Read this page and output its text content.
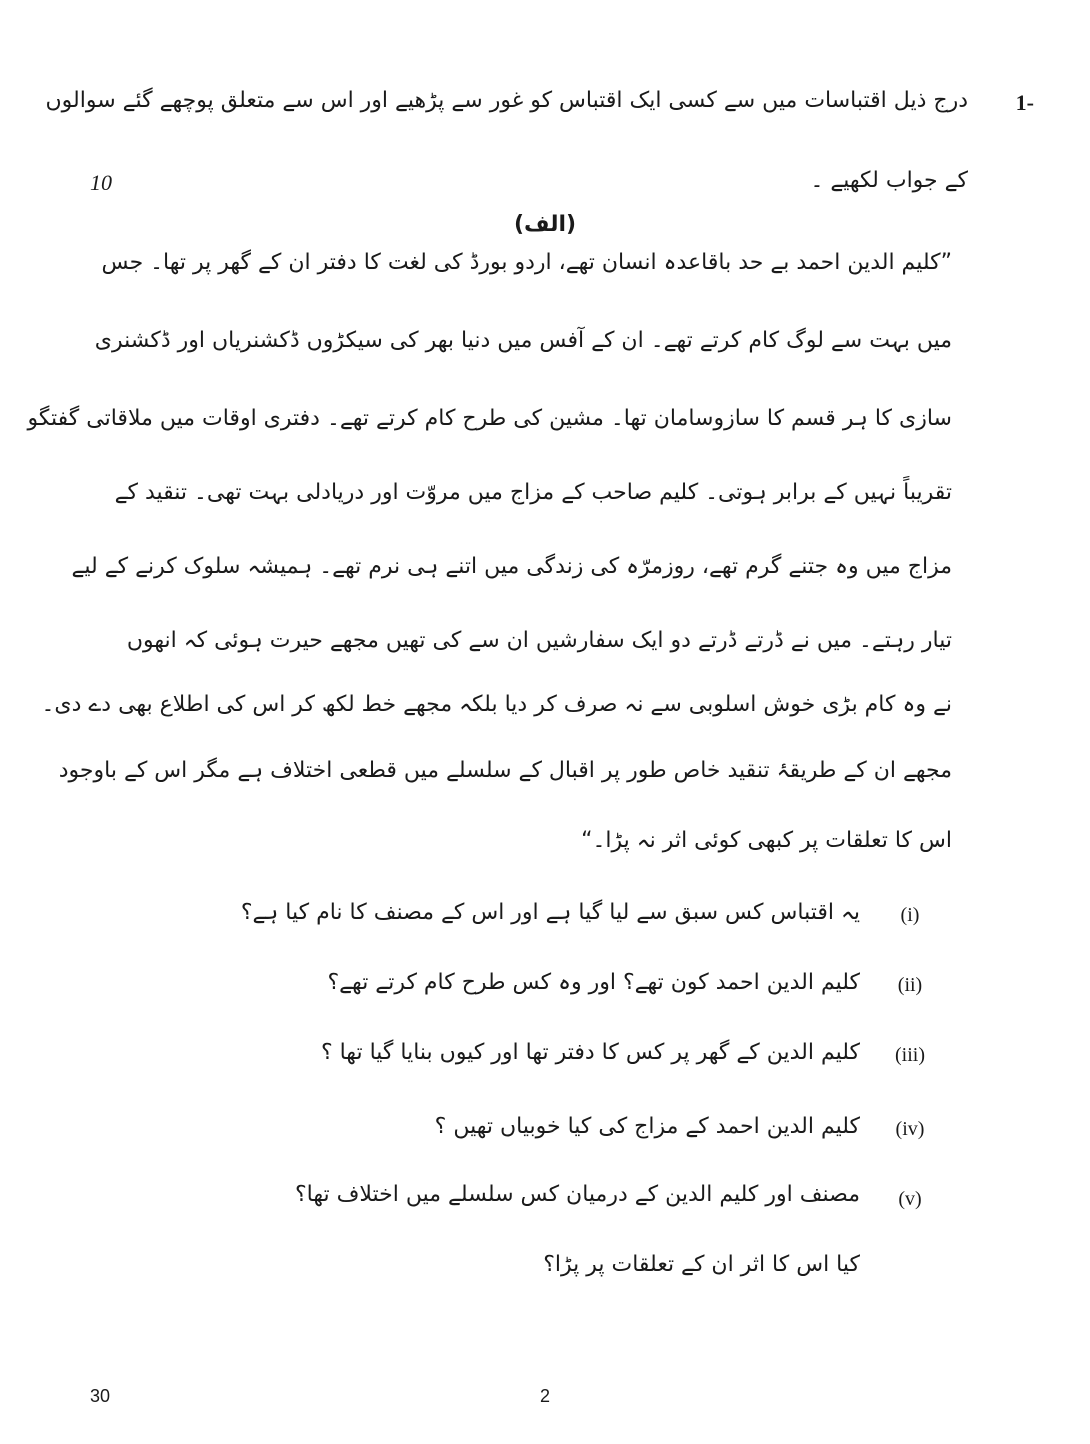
1-
درج ذیل اقتباسات میں سے کسی ایک اقتباس کو غور سے پڑھیے اور اس سے متعلق پوچھے گئے سوالوں
کے جواب لکھیے ۔
10
(الف)
”کلیم الدین احمد بے حد باقاعدہ انسان تھے، اردو بورڈ کی لغت کا دفتر ان کے گھر پر تھا۔ جس
میں بہت سے لوگ کام کرتے تھے۔ ان کے آفس میں دنیا بھر کی سیکڑوں ڈکشنریاں اور ڈکشنری
سازی کا ہر قسم کا سازوسامان تھا۔ مشین کی طرح کام کرتے تھے۔ دفتری اوقات میں ملاقاتی گفتگو
تقریباً نہیں کے برابر ہوتی۔ کلیم صاحب کے مزاج میں مروّت اور دریادلی بہت تھی۔ تنقید کے
مزاج میں وہ جتنے گرم تھے، روزمرّہ کی زندگی میں اتنے ہی نرم تھے۔ ہمیشہ سلوک کرنے کے لیے
تیار رہتے۔ میں نے ڈرتے ڈرتے دو ایک سفارشیں ان سے کی تھیں مجھے حیرت ہوئی کہ انھوں
نے وہ کام بڑی خوش اسلوبی سے نہ صرف کر دیا بلکہ مجھے خط لکھ کر اس کی اطلاع بھی دے دی۔
مجھے ان کے طریقۂ تنقید خاص طور پر اقبال کے سلسلے میں قطعی اختلاف ہے مگر اس کے باوجود
اس کا تعلقات پر کبھی کوئی اثر نہ پڑا۔“
(i)
یہ اقتباس کس سبق سے لیا گیا ہے اور اس کے مصنف کا نام کیا ہے؟
(ii)
کلیم الدین احمد کون تھے؟ اور وہ کس طرح کام کرتے تھے؟
(iii)
کلیم الدین کے گھر پر کس کا دفتر تھا اور کیوں بنایا گیا تھا ؟
(iv)
کلیم الدین احمد کے مزاج کی کیا خوبیاں تھیں ؟
(v)
مصنف اور کلیم الدین کے درمیان کس سلسلے میں اختلاف تھا؟
کیا اس کا اثر ان کے تعلقات پر پڑا؟
30	2
